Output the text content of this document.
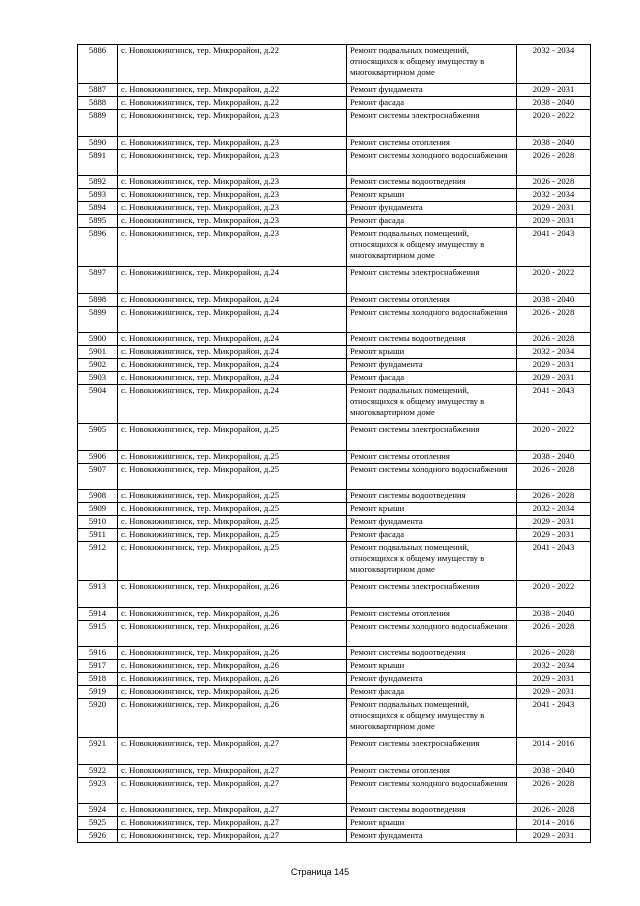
5886	с. Новокижингинск, тер. Микрорайон, д.22	Ремонт подвальных помещений, относящихся к общему имуществу в многоквартирном доме	2032 - 2034
5887	с. Новокижингинск, тер. Микрорайон, д.22	Ремонт фундамента	2029 - 2031
5888	с. Новокижингинск, тер. Микрорайон, д.22	Ремонт фасада	2038 - 2040
5889	с. Новокижингинск, тер. Микрорайон, д.23	Ремонт системы электроснабжения	2020 - 2022
5890	с. Новокижингинск, тер. Микрорайон, д.23	Ремонт системы отопления	2038 - 2040
5891	с. Новокижингинск, тер. Микрорайон, д.23	Ремонт системы холодного водоснабжения	2026 - 2028
5892	с. Новокижингинск, тер. Микрорайон, д.23	Ремонт системы водоотведения	2026 - 2028
5893	с. Новокижингинск, тер. Микрорайон, д.23	Ремонт крыши	2032 - 2034
5894	с. Новокижингинск, тер. Микрорайон, д.23	Ремонт фундамента	2029 - 2031
5895	с. Новокижингинск, тер. Микрорайон, д.23	Ремонт фасада	2029 - 2031
5896	с. Новокижингинск, тер. Микрорайон, д.23	Ремонт подвальных помещений, относящихся к общему имуществу в многоквартирном доме	2041 - 2043
5897	с. Новокижингинск, тер. Микрорайон, д.24	Ремонт системы электроснабжения	2020 - 2022
5898	с. Новокижингинск, тер. Микрорайон, д.24	Ремонт системы отопления	2038 - 2040
5899	с. Новокижингинск, тер. Микрорайон, д.24	Ремонт системы холодного водоснабжения	2026 - 2028
5900	с. Новокижингинск, тер. Микрорайон, д.24	Ремонт системы водоотведения	2026 - 2028
5901	с. Новокижингинск, тер. Микрорайон, д.24	Ремонт крыши	2032 - 2034
5902	с. Новокижингинск, тер. Микрорайон, д.24	Ремонт фундамента	2029 - 2031
5903	с. Новокижингинск, тер. Микрорайон, д.24	Ремонт фасада	2029 - 2031
5904	с. Новокижингинск, тер. Микрорайон, д.24	Ремонт подвальных помещений, относящихся к общему имуществу в многоквартирном доме	2041 - 2043
5905	с. Новокижингинск, тер. Микрорайон, д.25	Ремонт системы электроснабжения	2020 - 2022
5906	с. Новокижингинск, тер. Микрорайон, д.25	Ремонт системы отопления	2038 - 2040
5907	с. Новокижингинск, тер. Микрорайон, д.25	Ремонт системы холодного водоснабжения	2026 - 2028
5908	с. Новокижингинск, тер. Микрорайон, д.25	Ремонт системы водоотведения	2026 - 2028
5909	с. Новокижингинск, тер. Микрорайон, д.25	Ремонт крыши	2032 - 2034
5910	с. Новокижингинск, тер. Микрорайон, д.25	Ремонт фундамента	2029 - 2031
5911	с. Новокижингинск, тер. Микрорайон, д.25	Ремонт фасада	2029 - 2031
5912	с. Новокижингинск, тер. Микрорайон, д.25	Ремонт подвальных помещений, относящихся к общему имуществу в многоквартирном доме	2041 - 2043
5913	с. Новокижингинск, тер. Микрорайон, д.26	Ремонт системы электроснабжения	2020 - 2022
5914	с. Новокижингинск, тер. Микрорайон, д.26	Ремонт системы отопления	2038 - 2040
5915	с. Новокижингинск, тер. Микрорайон, д.26	Ремонт системы холодного водоснабжения	2026 - 2028
5916	с. Новокижингинск, тер. Микрорайон, д.26	Ремонт системы водоотведения	2026 - 2028
5917	с. Новокижингинск, тер. Микрорайон, д.26	Ремонт крыши	2032 - 2034
5918	с. Новокижингинск, тер. Микрорайон, д.26	Ремонт фундамента	2029 - 2031
5919	с. Новокижингинск, тер. Микрорайон, д.26	Ремонт фасада	2029 - 2031
5920	с. Новокижингинск, тер. Микрорайон, д.26	Ремонт подвальных помещений, относящихся к общему имуществу в многоквартирном доме	2041 - 2043
5921	с. Новокижингинск, тер. Микрорайон, д.27	Ремонт системы электроснабжения	2014 - 2016
5922	с. Новокижингинск, тер. Микрорайон, д.27	Ремонт системы отопления	2038 - 2040
5923	с. Новокижингинск, тер. Микрорайон, д.27	Ремонт системы холодного водоснабжения	2026 - 2028
5924	с. Новокижингинск, тер. Микрорайон, д.27	Ремонт системы водоотведения	2026 - 2028
5925	с. Новокижингинск, тер. Микрорайон, д.27	Ремонт крыши	2014 - 2016
5926	с. Новокижингинск, тер. Микрорайон, д.27	Ремонт фундамента	2029 - 2031
Страница 145
